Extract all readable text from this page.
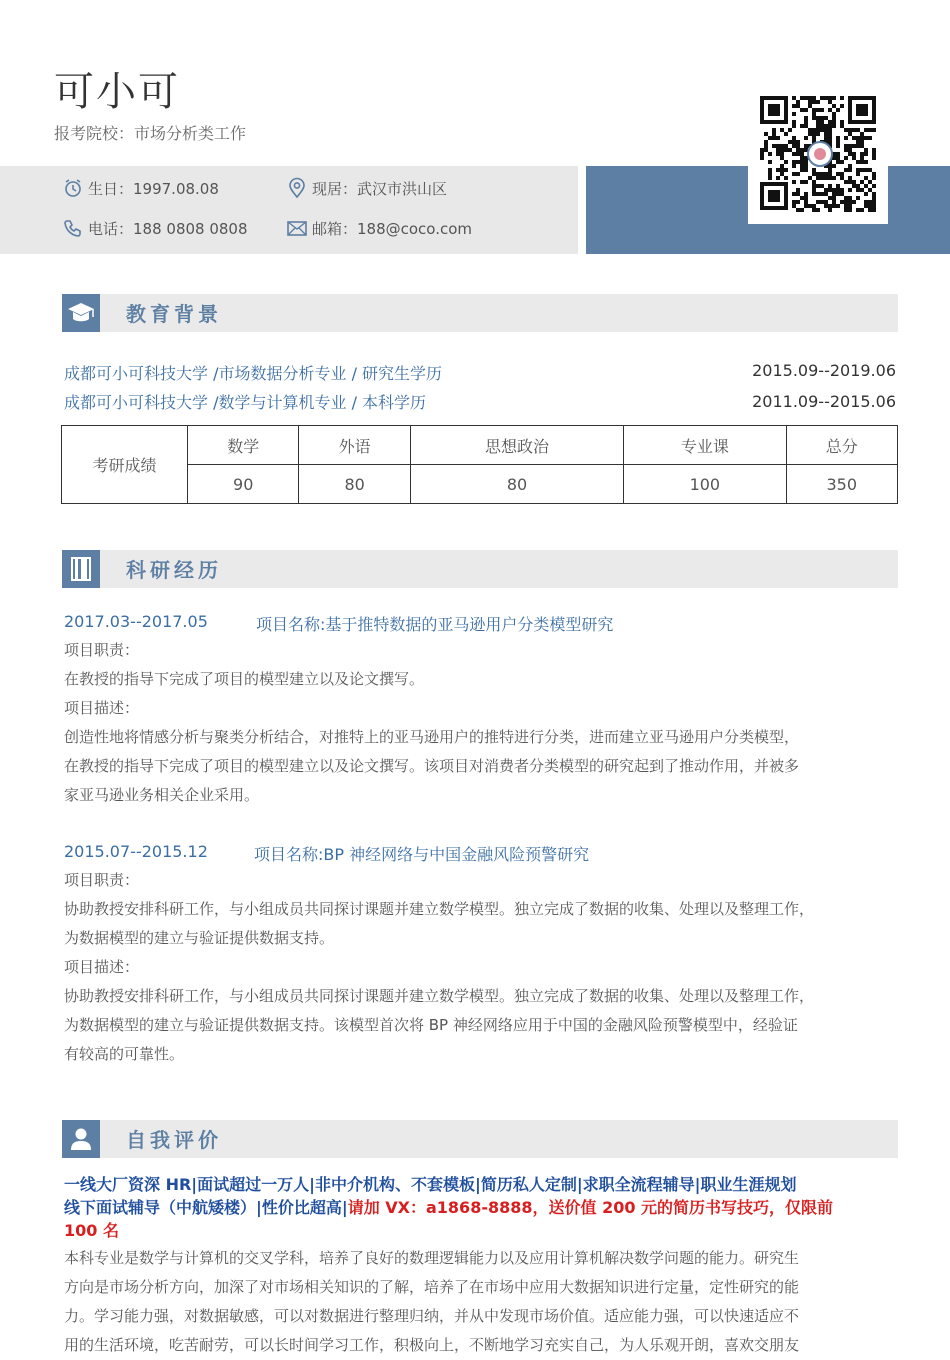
可小可
报考院校：市场分析类工作
生日：1997.08.08	现居：武汉市洪山区
电话：188 0808 0808	邮箱：188@coco.com
教育背景
成都可小可科技大学 /市场数据分析专业 / 研究生学历	2015.09--2019.06
成都可小可科技大学 /数学与计算机专业 / 本科学历	2011.09--2015.06
考研成绩	数学	外语	思想政治	专业课	总分
	90	80	80	100	350
科研经历
2017.03--2017.05	项目名称:基于推特数据的亚马逊用户分类模型研究
项目职责：
在教授的指导下完成了项目的模型建立以及论文撰写。
项目描述：
创造性地将情感分析与聚类分析结合，对推特上的亚马逊用户的推特进行分类，进而建立亚马逊用户分类模型，
在教授的指导下完成了项目的模型建立以及论文撰写。该项目对消费者分类模型的研究起到了推动作用，并被多
家亚马逊业务相关企业采用。
2015.07--2015.12	项目名称:BP 神经网络与中国金融风险预警研究
项目职责：
协助教授安排科研工作，与小组成员共同探讨课题并建立数学模型。独立完成了数据的收集、处理以及整理工作，
为数据模型的建立与验证提供数据支持。
项目描述：
协助教授安排科研工作，与小组成员共同探讨课题并建立数学模型。独立完成了数据的收集、处理以及整理工作，
为数据模型的建立与验证提供数据支持。该模型首次将 BP 神经网络应用于中国的金融风险预警模型中，经验证
有较高的可靠性。
自我评价
一线大厂资深 HR|面试超过一万人|非中介机构、不套模板|简历私人定制|求职全流程辅导|职业生涯规划
线下面试辅导（中航矮楼）|性价比超高|请加 VX：a1868-8888，送价值 200 元的简历书写技巧，仅限前
100 名
本科专业是数学与计算机的交叉学科，培养了良好的数理逻辑能力以及应用计算机解决数学问题的能力。研究生
方向是市场分析方向，加深了对市场相关知识的了解，培养了在市场中应用大数据知识进行定量，定性研究的能
力。学习能力强，对数据敏感，可以对数据进行整理归纳，并从中发现市场价值。适应能力强，可以快速适应不
用的生活环境，吃苦耐劳，可以长时间学习工作，积极向上，不断地学习充实自己，为人乐观开朗，喜欢交朋友
